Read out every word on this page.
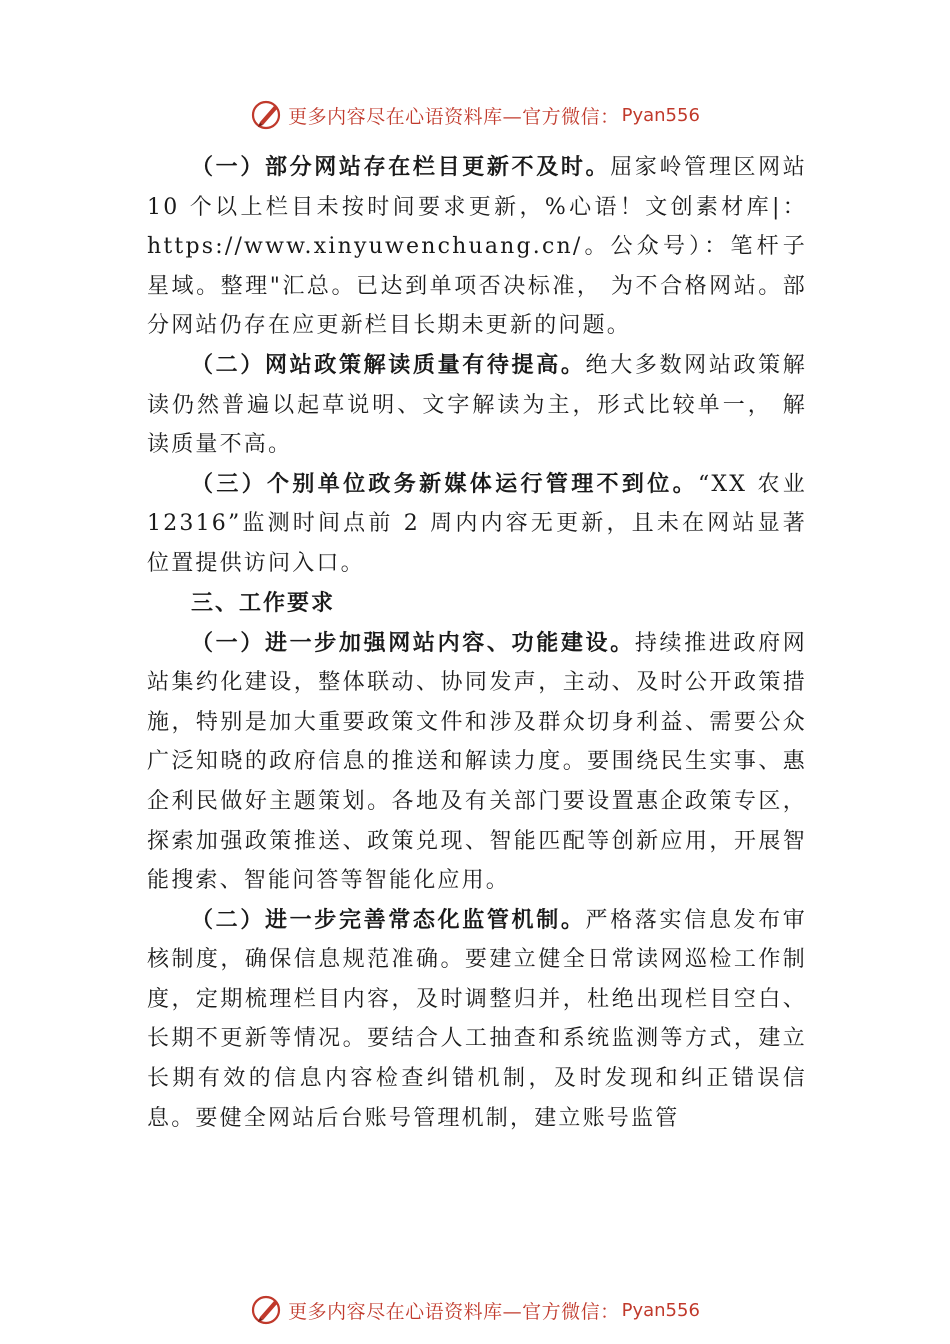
更多内容尽在心语资料库—官方微信： Pyan556

（一）部分网站存在栏目更新不及时。屈家岭管理区网站 10 个以上栏目未按时间要求更新，%心语！文创素材库|：https://www.xinyuwenchuang.cn/。公众号）：笔杆子星域。整理"汇总。已达到单项否决标准， 为不合格网站。部分网站仍存在应更新栏目长期未更新的问题。

（二）网站政策解读质量有待提高。绝大多数网站政策解读仍然普遍以起草说明、文字解读为主，形式比较单一， 解读质量不高。

（三）个别单位政务新媒体运行管理不到位。“XX 农业 12316”监测时间点前 2 周内内容无更新，且未在网站显著位置提供访问入口。

三、工作要求

（一）进一步加强网站内容、功能建设。持续推进政府网站集约化建设，整体联动、协同发声，主动、及时公开政策措施，特别是加大重要政策文件和涉及群众切身利益、需要公众广泛知晓的政府信息的推送和解读力度。要围绕民生实事、惠企利民做好主题策划。各地及有关部门要设置惠企政策专区，探索加强政策推送、政策兑现、智能匹配等创新应用，开展智能搜索、智能问答等智能化应用。

（二）进一步完善常态化监管机制。严格落实信息发布审核制度，确保信息规范准确。要建立健全日常读网巡检工作制度，定期梳理栏目内容，及时调整归并，杜绝出现栏目空白、长期不更新等情况。要结合人工抽查和系统监测等方式，建立长期有效的信息内容检查纠错机制，及时发现和纠正错误信息。要健全网站后台账号管理机制，建立账号监管

更多内容尽在心语资料库—官方微信： Pyan556
